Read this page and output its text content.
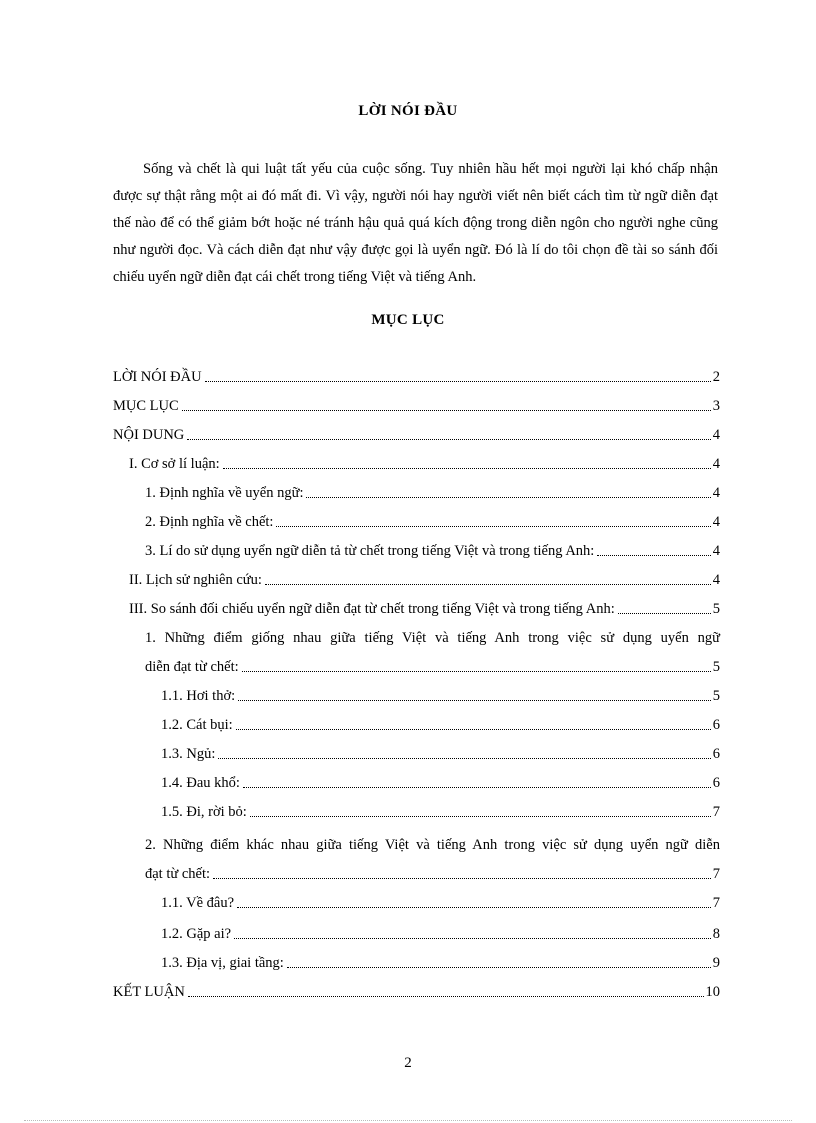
LỜI NÓI ĐẦU

Sống và chết là qui luật tất yếu của cuộc sống. Tuy nhiên hầu hết mọi người lại khó chấp nhận được sự thật rằng một ai đó mất đi. Vì vậy, người nói hay người viết nên biết cách tìm từ ngữ diễn đạt thế nào để có thể giảm bớt hoặc né tránh hậu quả quá kích động trong diễn ngôn cho người nghe cũng như người đọc. Và cách diễn đạt như vậy được gọi là uyển ngữ. Đó là lí do tôi chọn đề tài so sánh đối chiếu uyển ngữ diễn đạt cái chết trong tiếng Việt và tiếng Anh.

MỤC LỤC
LỜI NÓI ĐẦU	2
MỤC LỤC	3
NỘI DUNG	4
I. Cơ sở lí luận:	4
1. Định nghĩa về uyển ngữ:	4
2. Định nghĩa về chết:	4
3. Lí do sử dụng uyển ngữ diễn tả từ chết trong tiếng Việt và trong tiếng Anh:	4
II. Lịch sử nghiên cứu:	4
III. So sánh đối chiếu uyển ngữ diễn đạt từ chết trong tiếng Việt và trong tiếng Anh:	5
1. Những điểm giống nhau giữa tiếng Việt và tiếng Anh trong việc sử dụng uyển ngữ
diễn đạt từ chết:	5
1.1. Hơi thở:	5
1.2. Cát bụi:	6
1.3. Ngủ:	6
1.4. Đau khổ:	6
1.5. Đi, rời bỏ:	7
2. Những điểm khác nhau giữa tiếng Việt và tiếng Anh trong việc sử dụng uyển ngữ diễn
đạt từ chết:	7
1.1. Về đâu?	7
1.2. Gặp ai?	8
1.3. Địa vị, giai tầng:	9
KẾT LUẬN	10
2
